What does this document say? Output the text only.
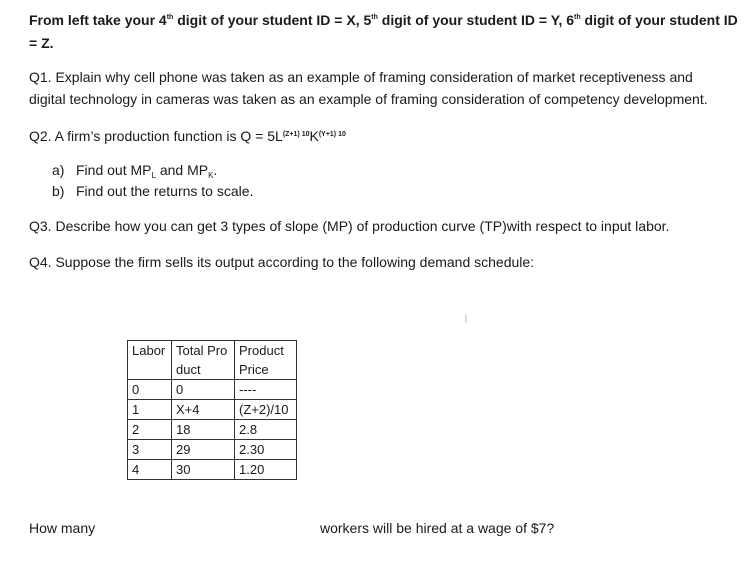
From left take your 4th digit of your student ID = X, 5th digit of your student ID = Y, 6th digit of your student ID
= Z.
Q1. Explain why cell phone was taken as an example of framing consideration of market receptiveness and
digital technology in cameras was taken as an example of framing consideration of competency development.
Q2. A firm’s production function is $Q = 5L^{(Z+1) 10}K^{(Y+1) 10}$
a) Find out $MP_L$ and $MP_K$.
b) Find out the returns to scale.
Q3. Describe how you can get 3 types of slope (MP) of production curve (TP)with respect to input labor.
Q4. Suppose the firm sells its output according to the following demand schedule:
I
Labor	Total Product	Product Price
0	0	----
1	X+4	(Z+2)/10
2	18	2.8
3	29	2.30
4	30	1.20
How many	workers will be hired at a wage of $7?
